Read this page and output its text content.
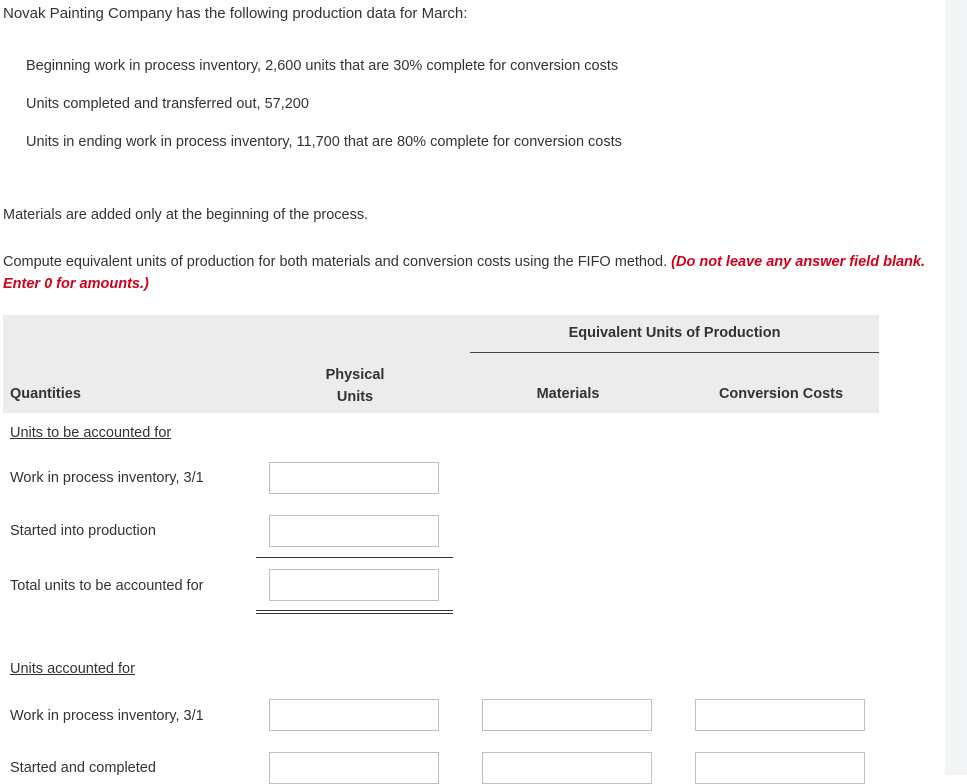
Novak Painting Company has the following production data for March:
Beginning work in process inventory, 2,600 units that are 30% complete for conversion costs
Units completed and transferred out, 57,200
Units in ending work in process inventory, 11,700 that are 80% complete for conversion costs
Materials are added only at the beginning of the process.
Compute equivalent units of production for both materials and conversion costs using the FIFO method. (Do not leave any answer field blank. Enter 0 for amounts.)
Equivalent Units of Production
Quantities
Physical
Units	Materials	Conversion Costs
Units to be accounted for
Work in process inventory, 3/1
Started into production
Total units to be accounted for
Units accounted for
Work in process inventory, 3/1
Started and completed
